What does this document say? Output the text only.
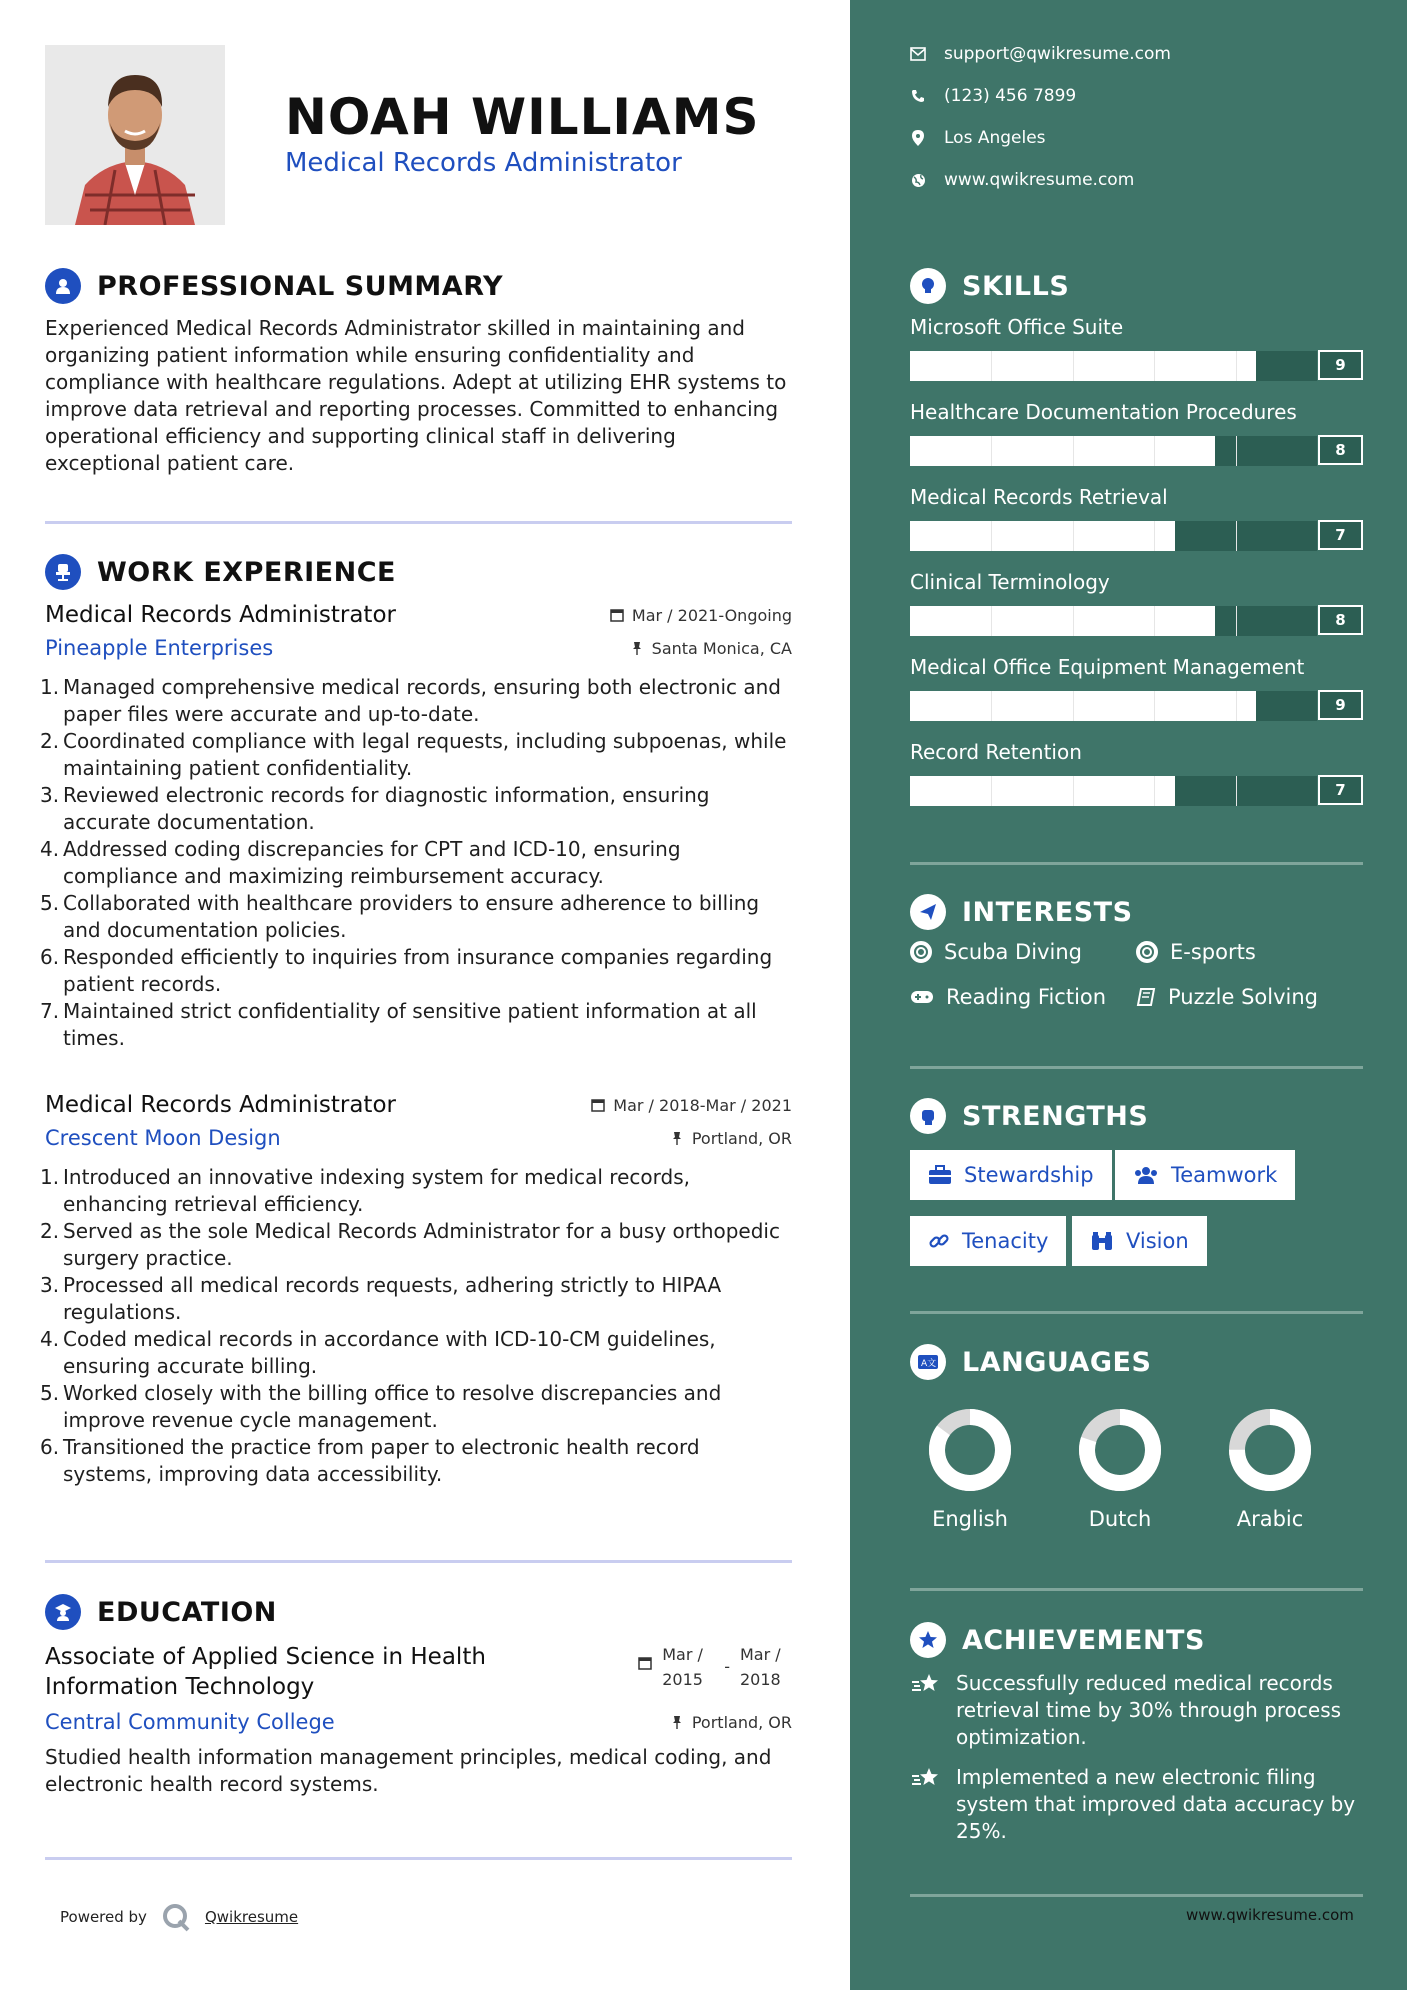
NOAH WILLIAMS
Medical Records Administrator
PROFESSIONAL SUMMARY
Experienced Medical Records Administrator skilled in maintaining and organizing patient information while ensuring confidentiality and compliance with healthcare regulations. Adept at utilizing EHR systems to improve data retrieval and reporting processes. Committed to enhancing operational efficiency and supporting clinical staff in delivering exceptional patient care.
WORK EXPERIENCE
Medical Records Administrator	Mar / 2021-Ongoing
Pineapple Enterprises	Santa Monica, CA
1. Managed comprehensive medical records, ensuring both electronic and paper files were accurate and up-to-date.
2. Coordinated compliance with legal requests, including subpoenas, while maintaining patient confidentiality.
3. Reviewed electronic records for diagnostic information, ensuring accurate documentation.
4. Addressed coding discrepancies for CPT and ICD-10, ensuring compliance and maximizing reimbursement accuracy.
5. Collaborated with healthcare providers to ensure adherence to billing and documentation policies.
6. Responded efficiently to inquiries from insurance companies regarding patient records.
7. Maintained strict confidentiality of sensitive patient information at all times.
Medical Records Administrator	Mar / 2018-Mar / 2021
Crescent Moon Design	Portland, OR
1. Introduced an innovative indexing system for medical records, enhancing retrieval efficiency.
2. Served as the sole Medical Records Administrator for a busy orthopedic surgery practice.
3. Processed all medical records requests, adhering strictly to HIPAA regulations.
4. Coded medical records in accordance with ICD-10-CM guidelines, ensuring accurate billing.
5. Worked closely with the billing office to resolve discrepancies and improve revenue cycle management.
6. Transitioned the practice from paper to electronic health record systems, improving data accessibility.
EDUCATION
Associate of Applied Science in Health Information Technology
Mar / 2015
-
Mar / 2018
Central Community College	Portland, OR
Studied health information management principles, medical coding, and electronic health record systems.
Powered by	Qwikresume
support@qwikresume.com
(123) 456 7899
Los Angeles
www.qwikresume.com
SKILLS
Microsoft Office Suite
9
Healthcare Documentation Procedures
8
Medical Records Retrieval
7
Clinical Terminology
8
Medical Office Equipment Management
9
Record Retention
7
INTERESTS
Scuba Diving	E-sports
Reading Fiction	Puzzle Solving
STRENGTHS
Stewardship	Teamwork
Tenacity	Vision
A文 LANGUAGES
English	Dutch	Arabic
ACHIEVEMENTS
Successfully reduced medical records retrieval time by 30% through process optimization.
Implemented a new electronic filing system that improved data accuracy by 25%.
www.qwikresume.com
